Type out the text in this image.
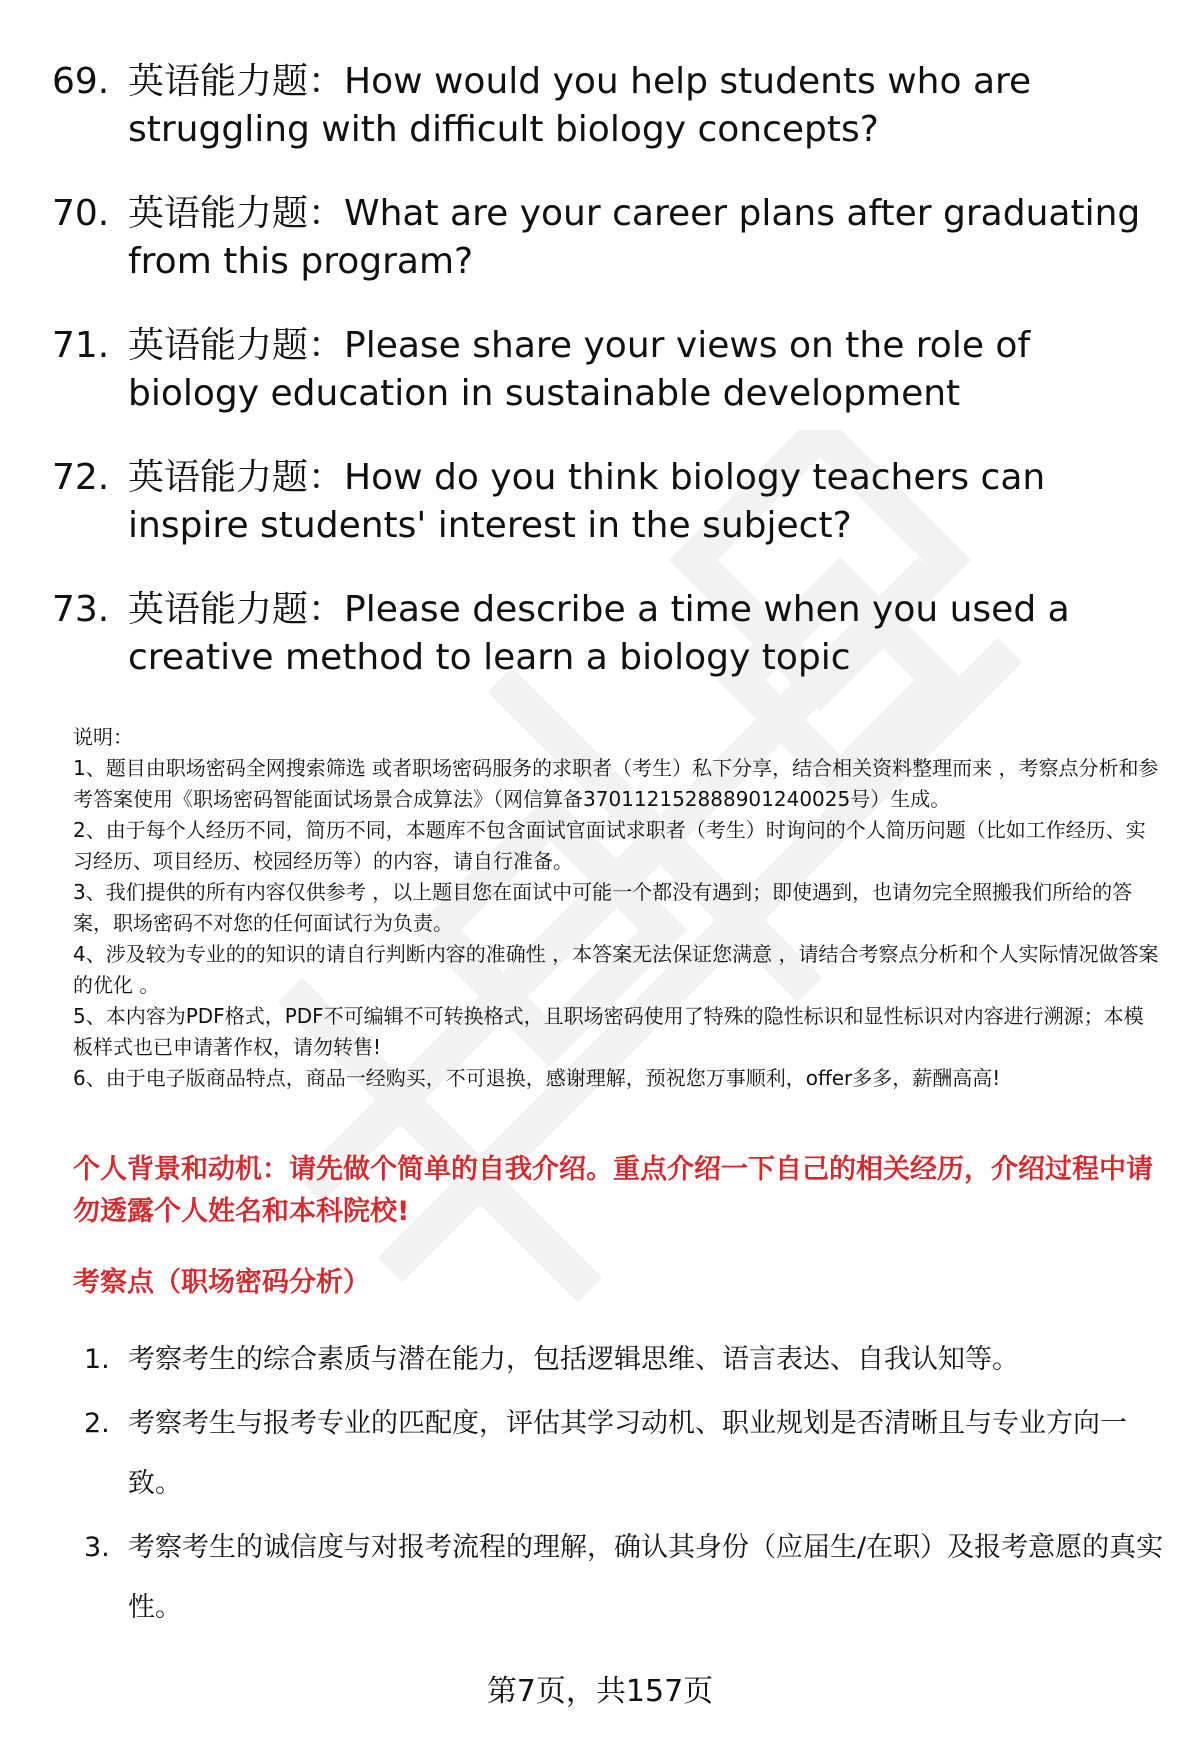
69. 英语能力题：How would you help students who are struggling with difficult biology concepts?
70. 英语能力题：What are your career plans after graduating from this program?
71. 英语能力题：Please share your views on the role of biology education in sustainable development
72. 英语能力题：How do you think biology teachers can inspire students' interest in the subject?
73. 英语能力题：Please describe a time when you used a creative method to learn a biology topic

说明：

1、题目由职场密码全网搜索筛选 或者职场密码服务的求职者（考生）私下分享，结合相关资料整理而来 ，考察点分析和参考答案使用《职场密码智能面试场景合成算法》（网信算备370112152888901240025号）生成。

2、由于每个人经历不同，简历不同，本题库不包含面试官面试求职者（考生）时询问的个人简历问题（比如工作经历、实习经历、项目经历、校园经历等）的内容，请自行准备。

3、我们提供的所有内容仅供参考 ，以上题目您在面试中可能一个都没有遇到；即使遇到，也请勿完全照搬我们所给的答案，职场密码不对您的任何面试行为负责。

4、涉及较为专业的的知识的请自行判断内容的准确性 ，本答案无法保证您满意 ，请结合考察点分析和个人实际情况做答案的优化 。

5、本内容为PDF格式，PDF不可编辑不可转换格式，且职场密码使用了特殊的隐性标识和显性标识对内容进行溯源；本模板样式也已申请著作权，请勿转售!

6、由于电子版商品特点，商品一经购买，不可退换，感谢理解，预祝您万事顺利，offer多多，薪酬高高!

个人背景和动机：请先做个简单的自我介绍。重点介绍一下自己的相关经历，介绍过程中请勿透露个人姓名和本科院校!

考察点（职场密码分析）

1. 考察考生的综合素质与潜在能力，包括逻辑思维、语言表达、自我认知等。
2. 考察考生与报考专业的匹配度，评估其学习动机、职业规划是否清晰且与专业方向一致。
3. 考察考生的诚信度与对报考流程的理解，确认其身份（应届生/在职）及报考意愿的真实性。
第7页，共157页
